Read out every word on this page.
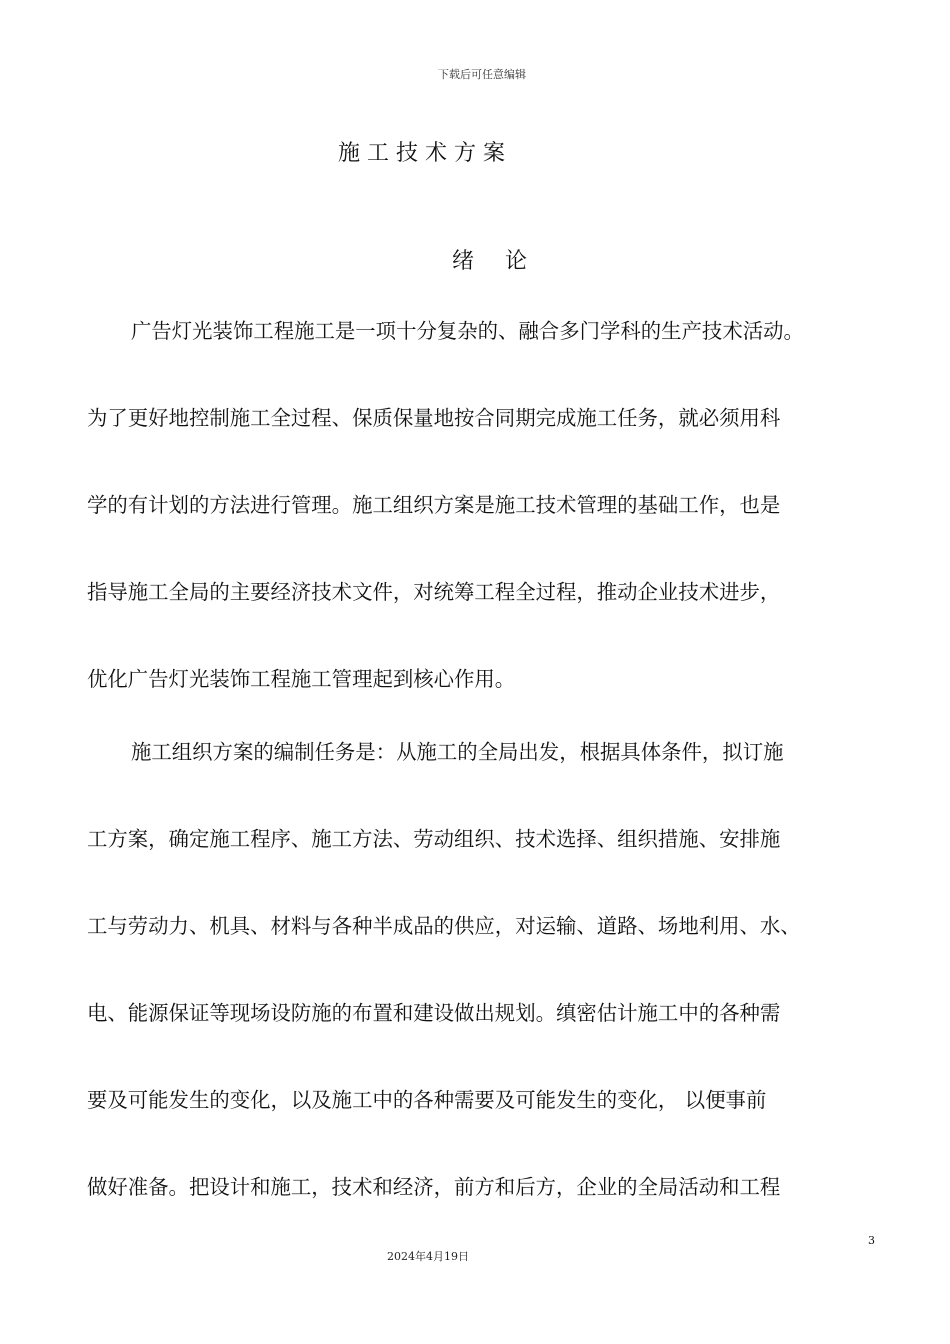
下载后可任意编辑
施工技术方案
绪 论
广告灯光装饰工程施工是一项十分复杂的、融合多门学科的生产技术活动。
为了更好地控制施工全过程、保质保量地按合同期完成施工任务，就必须用科
学的有计划的方法进行管理。施工组织方案是施工技术管理的基础工作，也是
指导施工全局的主要经济技术文件，对统筹工程全过程，推动企业技术进步，
优化广告灯光装饰工程施工管理起到核心作用。
施工组织方案的编制任务是：从施工的全局出发，根据具体条件，拟订施
工方案，确定施工程序、施工方法、劳动组织、技术选择、组织措施、安排施
工与劳动力、机具、材料与各种半成品的供应，对运输、道路、场地利用、水、
电、能源保证等现场设防施的布置和建设做出规划。缜密估计施工中的各种需
要及可能发生的变化，以及施工中的各种需要及可能发生的变化， 以便事前
做好准备。把设计和施工，技术和经济，前方和后方，企业的全局活动和工程
3
2024年4月19日
